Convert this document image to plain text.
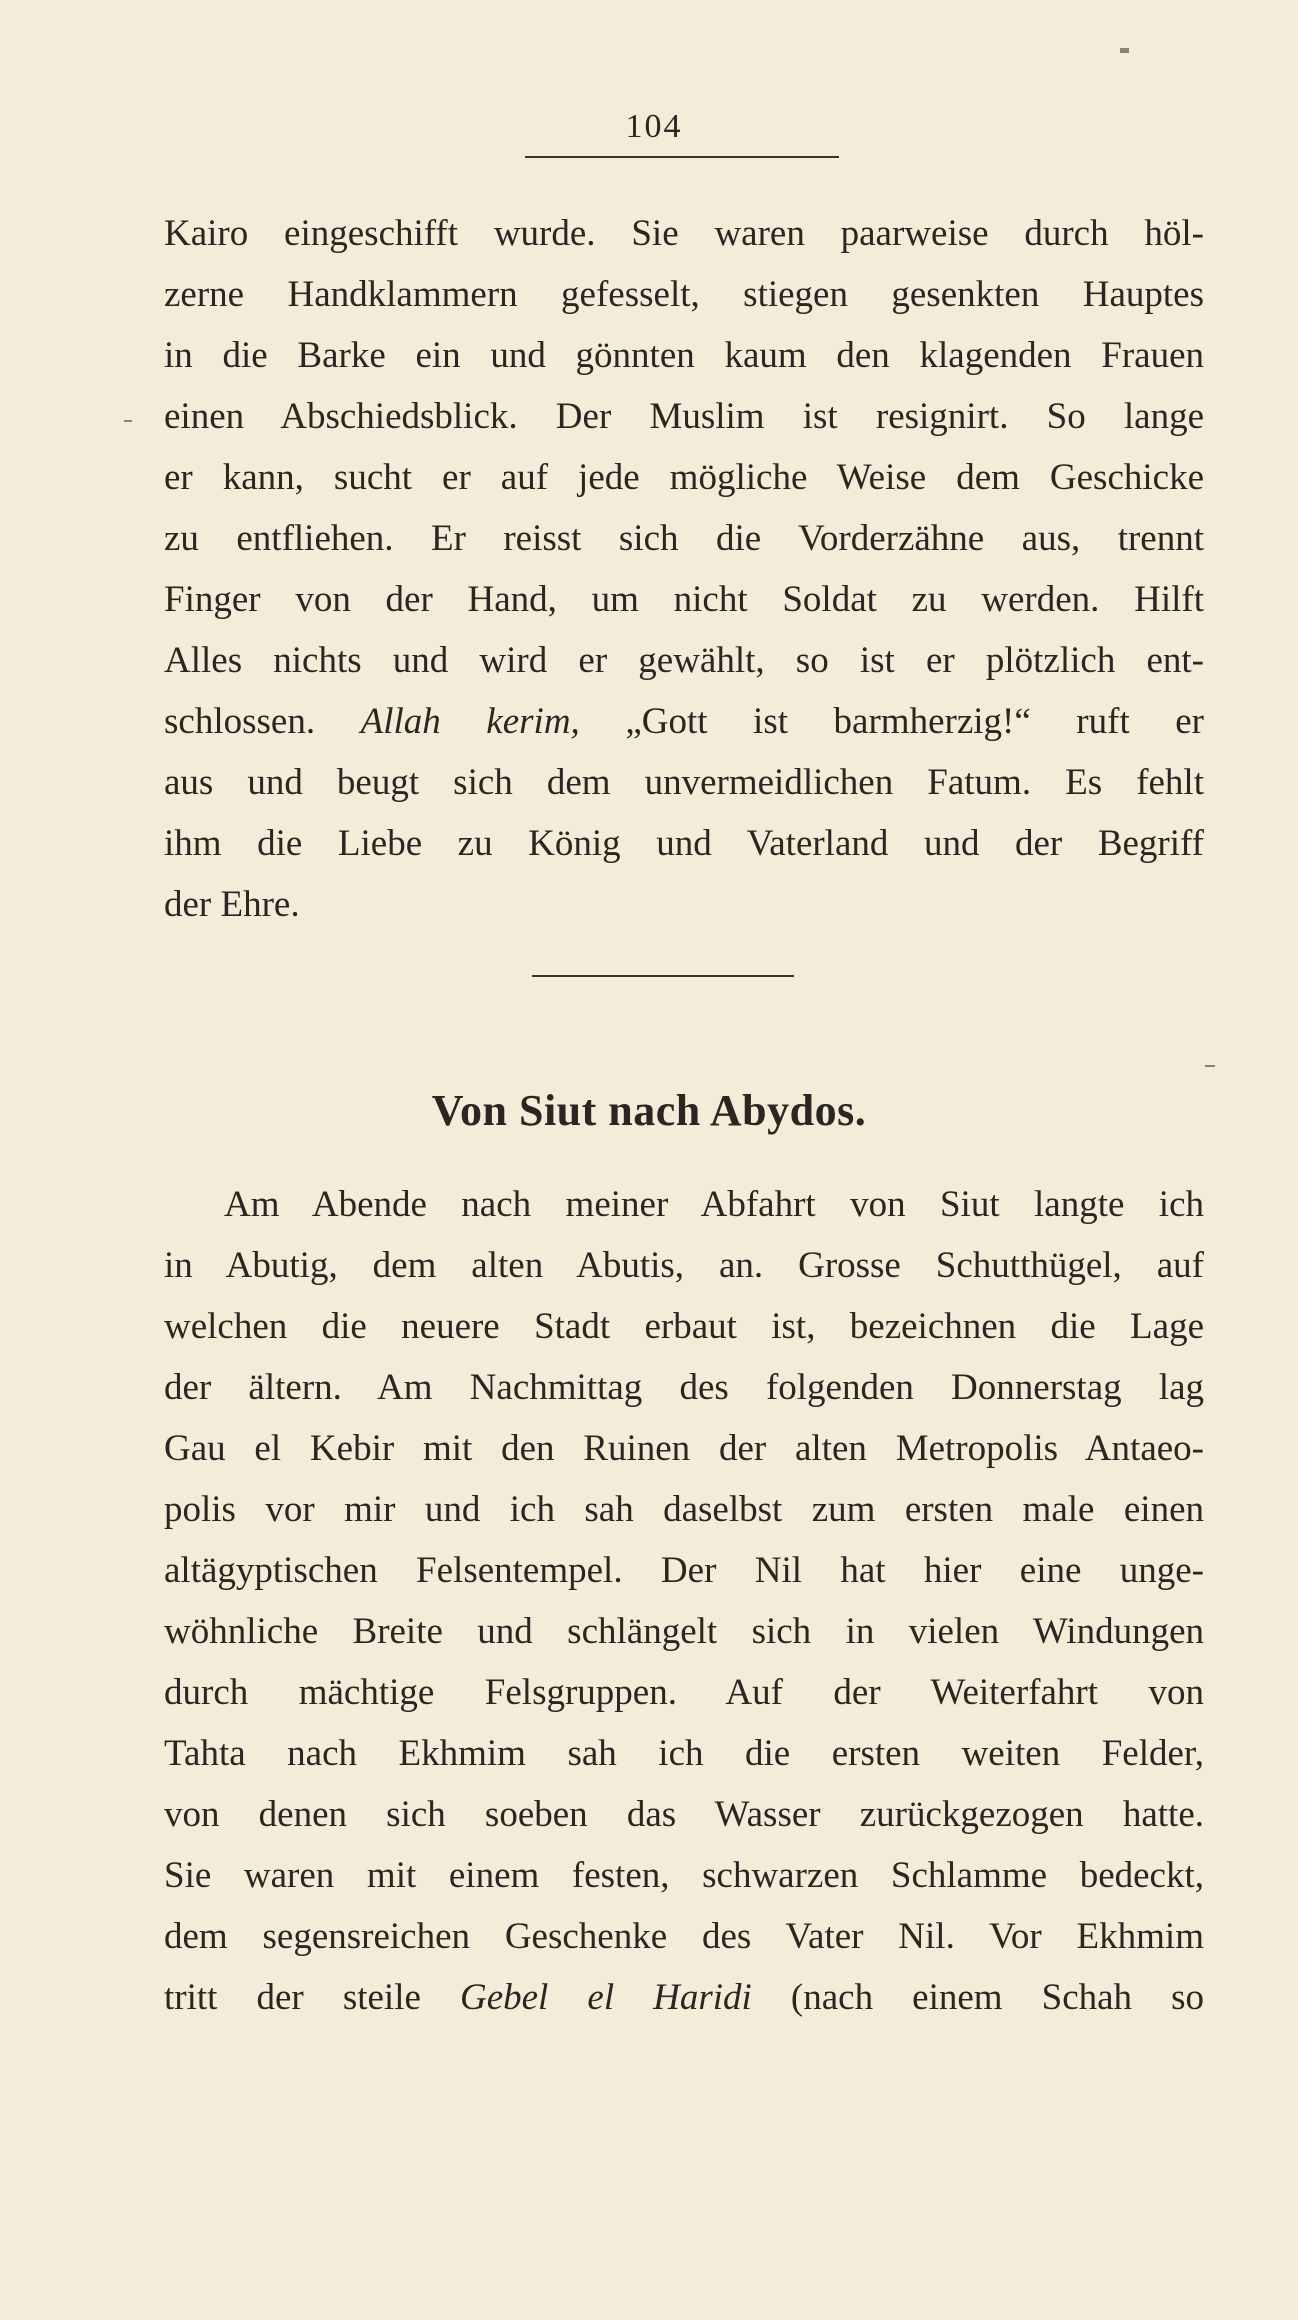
104
Kairo eingeschifft wurde. Sie waren paarweise durch höl-
zerne Handklammern gefesselt, stiegen gesenkten Hauptes
in die Barke ein und gönnten kaum den klagenden Frauen
einen Abschiedsblick. Der Muslim ist resignirt. So lange
er kann, sucht er auf jede mögliche Weise dem Geschicke
zu entfliehen. Er reisst sich die Vorderzähne aus, trennt
Finger von der Hand, um nicht Soldat zu werden. Hilft
Alles nichts und wird er gewählt, so ist er plötzlich ent-
schlossen. Allah kerim, „Gott ist barmherzig!“ ruft er
aus und beugt sich dem unvermeidlichen Fatum. Es fehlt
ihm die Liebe zu König und Vaterland und der Begriff
der Ehre.
Von Siut nach Abydos.
Am Abende nach meiner Abfahrt von Siut langte ich
in Abutig, dem alten Abutis, an. Grosse Schutthügel, auf
welchen die neuere Stadt erbaut ist, bezeichnen die Lage
der ältern. Am Nachmittag des folgenden Donnerstag lag
Gau el Kebir mit den Ruinen der alten Metropolis Antaeo-
polis vor mir und ich sah daselbst zum ersten male einen
altägyptischen Felsentempel. Der Nil hat hier eine unge-
wöhnliche Breite und schlängelt sich in vielen Windungen
durch mächtige Felsgruppen. Auf der Weiterfahrt von
Tahta nach Ekhmim sah ich die ersten weiten Felder,
von denen sich soeben das Wasser zurückgezogen hatte.
Sie waren mit einem festen, schwarzen Schlamme bedeckt,
dem segensreichen Geschenke des Vater Nil. Vor Ekhmim
tritt der steile Gebel el Haridi (nach einem Schah so
